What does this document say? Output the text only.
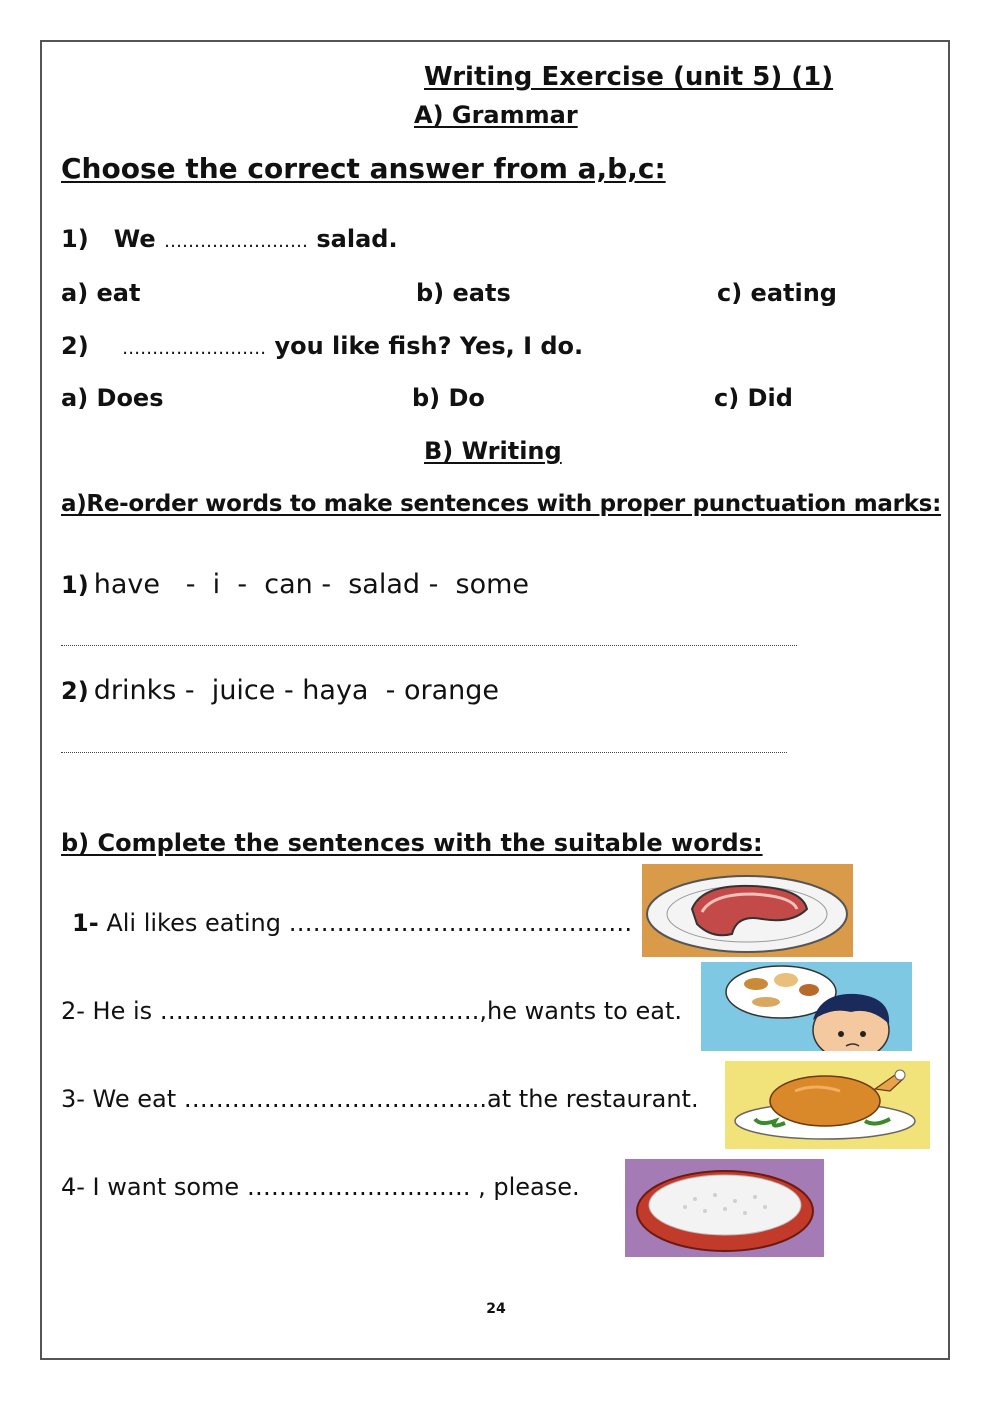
Writing Exercise (unit 5) (1)
A) Grammar
Choose the correct answer from a,b,c:
1) We …………………… salad.
a) eat	b) eats	c) eating
2) …………………… you like fish? Yes, I do.
a) Does	b) Do	c) Did
B) Writing
a)Re-order words to make sentences with proper punctuation marks:
1) have   -  i  -  can -  salad -  some
2) drinks -  juice - haya  - orange
b) Complete the sentences with the suitable words:
1- Ali likes eating ………………………………….…
2- He is ………………………………….,he wants to eat.
3- We eat ………………………………..at the restaurant.
4- I want some ………………………. , please.
24
